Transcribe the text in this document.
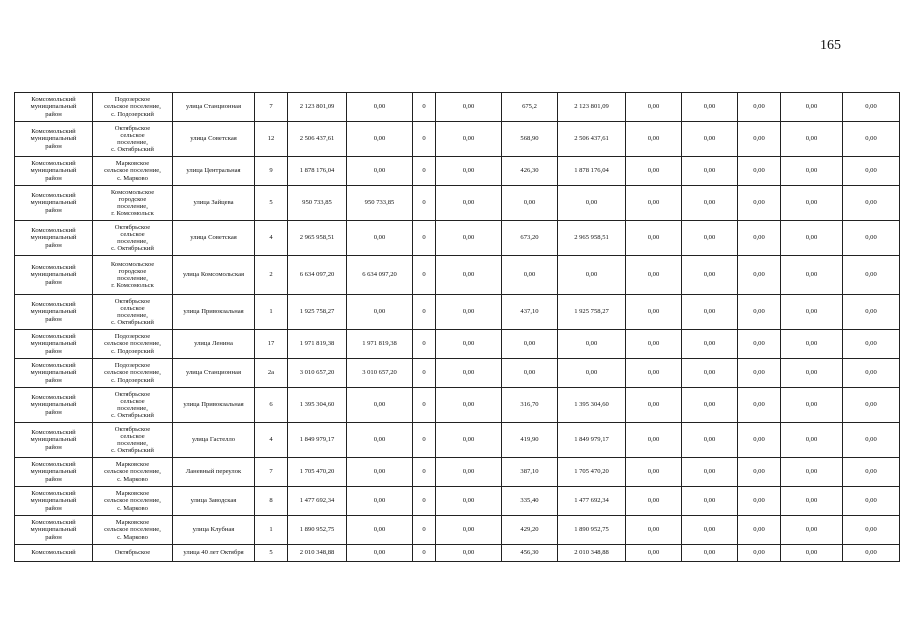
165
Комсомольский
муниципальный
район	Подозерское
сельское поселение,
с. Подозерский	улица Станционная	7	2 123 801,09	0,00	0	0,00	675,2	2 123 801,09	0,00	0,00	0,00	0,00	0,00
Комсомольский
муниципальный
район	Октябрьское
сельское
поселение,
с. Октябрьский	улица Советская	12	2 506 437,61	0,00	0	0,00	568,90	2 506 437,61	0,00	0,00	0,00	0,00	0,00
Комсомольский
муниципальный
район	Марковское
сельское поселение,
с. Марково	улица Центральная	9	1 878 176,04	0,00	0	0,00	426,30	1 878 176,04	0,00	0,00	0,00	0,00	0,00
Комсомольский
муниципальный
район	Комсомольское
городское
поселение,
г. Комсомольск	улица Зайцева	5	950 733,85	950 733,85	0	0,00	0,00	0,00	0,00	0,00	0,00	0,00	0,00
Комсомольский
муниципальный
район	Октябрьское
сельское
поселение,
с. Октябрьский	улица Советская	4	2 965 958,51	0,00	0	0,00	673,20	2 965 958,51	0,00	0,00	0,00	0,00	0,00
Комсомольский
муниципальный
район	Комсомольское
городское
поселение,
г. Комсомольск	улица Комсомольская	2	6 634 097,20	6 634 097,20	0	0,00	0,00	0,00	0,00	0,00	0,00	0,00	0,00
Комсомольский
муниципальный
район	Октябрьское
сельское
поселение,
с. Октябрьский	улица Привокзальная	1	1 925 758,27	0,00	0	0,00	437,10	1 925 758,27	0,00	0,00	0,00	0,00	0,00
Комсомольский
муниципальный
район	Подозерское
сельское поселение,
с. Подозерский	улица Ленина	17	1 971 819,38	1 971 819,38	0	0,00	0,00	0,00	0,00	0,00	0,00	0,00	0,00
Комсомольский
муниципальный
район	Подозерское
сельское поселение,
с. Подозерский	улица Станционная	2а	3 010 657,20	3 010 657,20	0	0,00	0,00	0,00	0,00	0,00	0,00	0,00	0,00
Комсомольский
муниципальный
район	Октябрьское
сельское
поселение,
с. Октябрьский	улица Привокзальная	6	1 395 304,60	0,00	0	0,00	316,70	1 395 304,60	0,00	0,00	0,00	0,00	0,00
Комсомольский
муниципальный
район	Октябрьское
сельское
поселение,
с. Октябрьский	улица Гастелло	4	1 849 979,17	0,00	0	0,00	419,90	1 849 979,17	0,00	0,00	0,00	0,00	0,00
Комсомольский
муниципальный
район	Марковское
сельское поселение,
с. Марково	Ланевный переулок	7	1 705 470,20	0,00	0	0,00	387,10	1 705 470,20	0,00	0,00	0,00	0,00	0,00
Комсомольский
муниципальный
район	Марковское
сельское поселение,
с. Марково	улица Заводская	8	1 477 692,34	0,00	0	0,00	335,40	1 477 692,34	0,00	0,00	0,00	0,00	0,00
Комсомольский
муниципальный
район	Марковское
сельское поселение,
с. Марково	улица Клубная	1	1 890 952,75	0,00	0	0,00	429,20	1 890 952,75	0,00	0,00	0,00	0,00	0,00
Комсомольский	Октябрьское	улица 40 лет Октября	5	2 010 348,88	0,00	0	0,00	456,30	2 010 348,88	0,00	0,00	0,00	0,00	0,00
